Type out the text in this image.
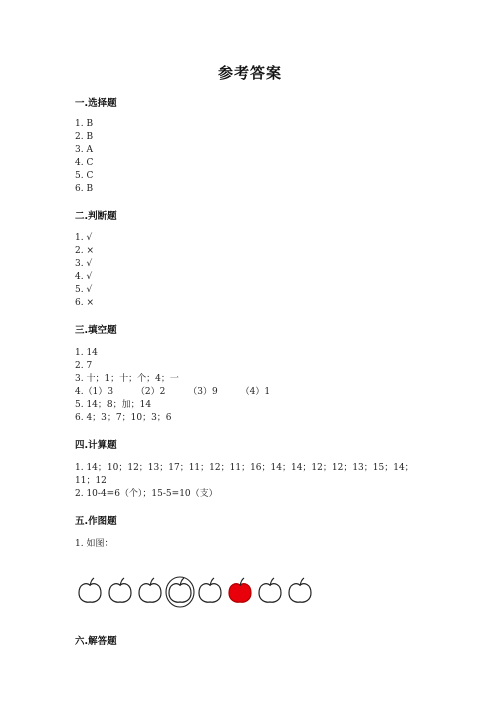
参考答案
一.选择题
1. B
2. B
3. A
4. C
5. C
6. B
二.判断题
1. √
2. ×
3. √
4. √
5. √
6. ×
三.填空题
1. 14
2. 7
3. 十；1；十；个；4；一
4.（1）3        （2）2        （3）9        （4）1
5. 14；8；加；14
6. 4；3；7；10；3；6
四.计算题
1. 14；10；12；13；17；11；12；11；16；14；14；12；12；13；15；14；
11；12
2. 10-4=6（个）；15-5=10（支）
五.作图题
1. 如图：
六.解答题
